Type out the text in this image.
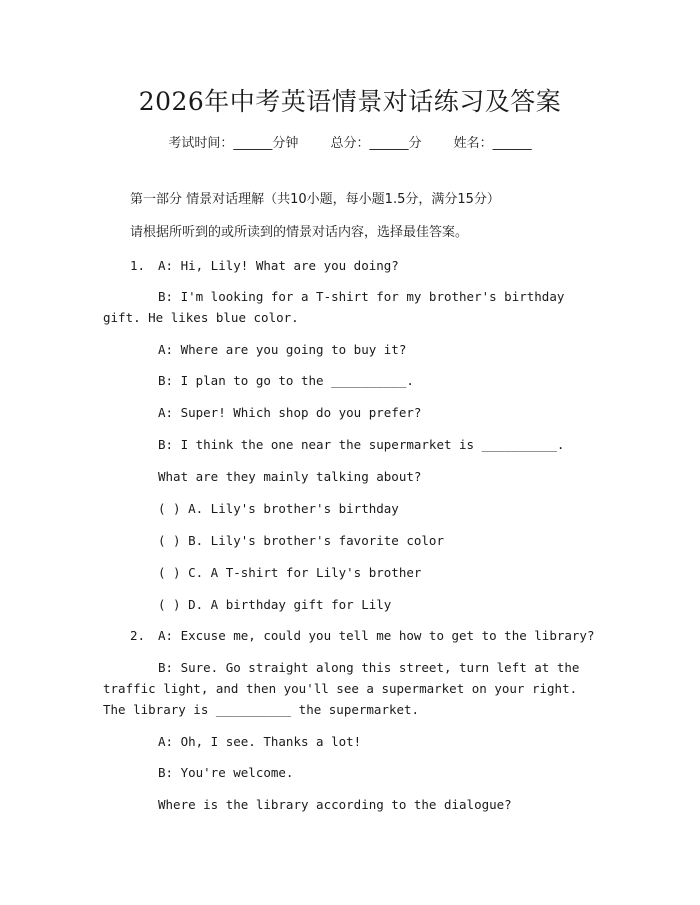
2026年中考英语情景对话练习及答案
考试时间：______分钟 总分：______分 姓名：______
第一部分 情景对话理解（共10小题，每小题1.5分，满分15分）
请根据所听到的或所读到的情景对话内容，选择最佳答案。
1.	A: Hi, Lily! What are you doing?
B: I'm looking for a T-shirt for my brother's birthday gift. He likes blue color.
A: Where are you going to buy it?
B: I plan to go to the __________.
A: Super! Which shop do you prefer?
B: I think the one near the supermarket is __________.
What are they mainly talking about?
( ) A. Lily's brother's birthday
( ) B. Lily's brother's favorite color
( ) C. A T-shirt for Lily's brother
( ) D. A birthday gift for Lily
2.	A: Excuse me, could you tell me how to get to the library?
B: Sure. Go straight along this street, turn left at the traffic light, and then you'll see a supermarket on your right. The library is __________ the supermarket.
A: Oh, I see. Thanks a lot!
B: You're welcome.
Where is the library according to the dialogue?
